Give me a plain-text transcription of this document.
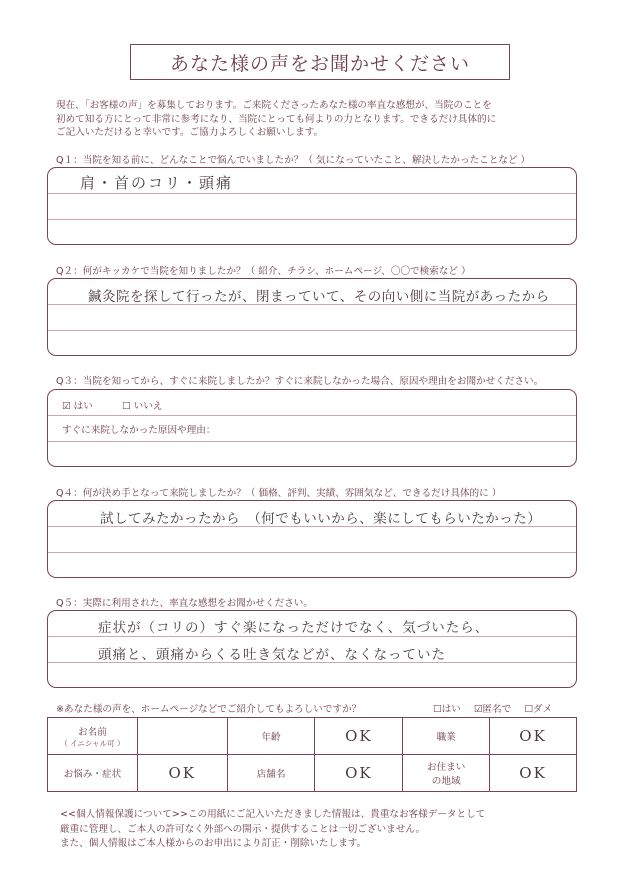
あなた様の声をお聞かせください
現在、「お客様の声」を募集しております。ご来院くださったあなた様の率直な感想が、当院のことを
初めて知る方にとって非常に参考になり、当院にとっても何よりの力となります。できるだけ具体的に
ご記入いただけると幸いです。ご協力よろしくお願いします。
Q１：当院を知る前に、どんなことで悩んでいましたか？（ 気になっていたこと、解決したかったことなど ）
肩・首のコリ・頭痛
Q２：何がキッカケで当院を知りましたか？（ 紹介、チラシ、ホームページ、〇〇で検索など ）
鍼灸院を探して行ったが、閉まっていて、その向い側に当院があったから
Q３：当院を知ってから、すぐに来院しましたか？すぐに来院しなかった場合、原因や理由をお聞かせください。
☑ はい	☐ いいえ
すぐに来院しなかった原因や理由：
Q４：何が決め手となって来院しましたか？（ 価格、評判、実績、雰囲気など、できるだけ具体的に ）
試してみたかったから　（何でもいいから、楽にしてもらいたかった）
Q５：実際に利用された、率直な感想をお聞かせください。
症状が（コリの）すぐ楽になっただけでなく、気づいたら、
頭痛と、頭痛からくる吐き気などが、なくなっていた
※あなた様の声を、ホームページなどでご紹介してもよろしいですか？	☐はい ☑匿名で ☐ダメ
お名前
（ イニシャル可 ）		年齢	OK	職業	OK
お悩み・症状	OK	店舗名	OK	お住まい
の地域	OK
<<個人情報保護について>>この用紙にご記入いただきました情報は、貴重なお客様データとして
厳重に管理し、ご本人の許可なく外部への開示・提供することは一切ございません。
また、個人情報はご本人様からのお申出により訂正・削除いたします。
